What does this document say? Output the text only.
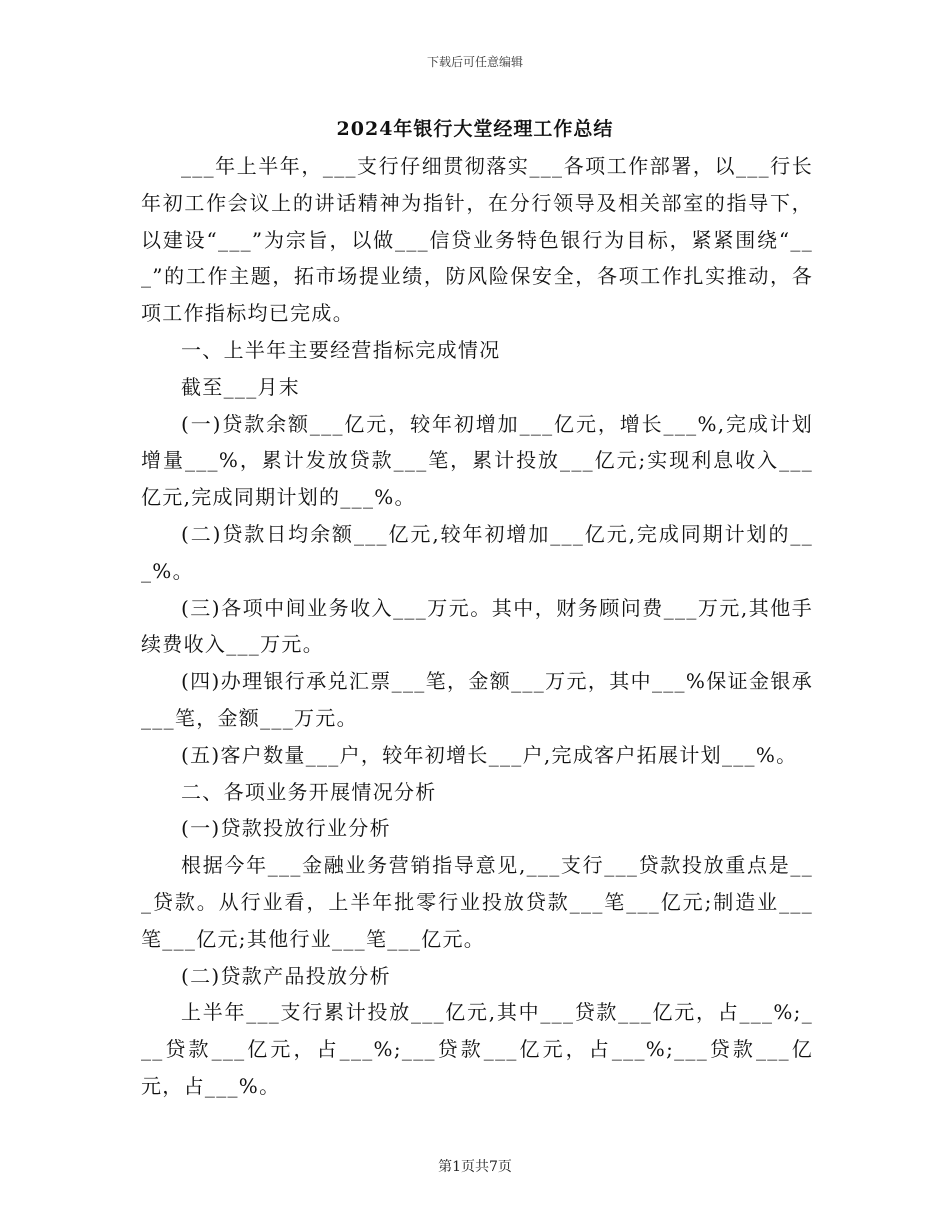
下载后可任意编辑
2024年银行大堂经理工作总结

___年上半年，___支行仔细贯彻落实___各项工作部署，以___行长年初工作会议上的讲话精神为指针，在分行领导及相关部室的指导下，以建设“___”为宗旨，以做___信贷业务特色银行为目标，紧紧围绕“___”的工作主题，拓市场提业绩，防风险保安全，各项工作扎实推动，各项工作指标均已完成。

一、上半年主要经营指标完成情况

截至___月末

(一)贷款余额___亿元，较年初增加___亿元，增长___%,完成计划增量___%，累计发放贷款___笔，累计投放___亿元;实现利息收入___亿元,完成同期计划的___%。

(二)贷款日均余额___亿元,较年初增加___亿元,完成同期计划的___%。

(三)各项中间业务收入___万元。其中，财务顾问费___万元,其他手续费收入___万元。

(四)办理银行承兑汇票___笔，金额___万元，其中___%保证金银承___笔，金额___万元。

(五)客户数量___户，较年初增长___户,完成客户拓展计划___%。

二、各项业务开展情况分析

(一)贷款投放行业分析

根据今年___金融业务营销指导意见,___支行___贷款投放重点是___贷款。从行业看，上半年批零行业投放贷款___笔___亿元;制造业___笔___亿元;其他行业___笔___亿元。

(二)贷款产品投放分析

上半年___支行累计投放___亿元,其中___贷款___亿元，占___%;___贷款___亿元，占___%;___贷款___亿元，占___%;___贷款___亿元，占___%。

第1页共7页
